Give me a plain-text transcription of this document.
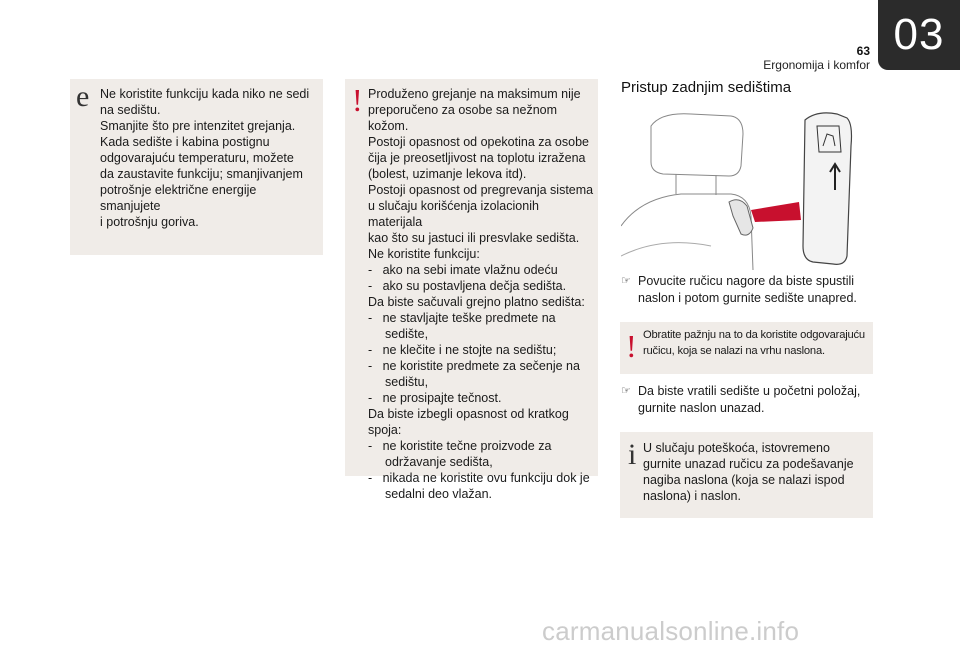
03
63
Ergonomija i komfor
e Ne koristite funkciju kada niko ne sedi
na sedištu.
Smanjite što pre intenzitet grejanja.
Kada sedište i kabina postignu
odgovarajuću temperaturu, možete
da zaustavite funkciju; smanjivanjem
potrošnje električne energije smanjujete
i potrošnju goriva.
! Produženo grejanje na maksimum nije
preporučeno za osobe sa nežnom kožom.
Postoji opasnost od opekotina za osobe
čija je preosetljivost na toplotu izražena
(bolest, uzimanje lekova itd).
Postoji opasnost od pregrevanja sistema
u slučaju korišćenja izolacionih materijala
kao što su jastuci ili presvlake sedišta.
Ne koristite funkciju:
-   ako na sebi imate vlažnu odeću
-   ako su postavljena dečja sedišta.
Da biste sačuvali grejno platno sedišta:
-   ne stavljajte teške predmete na sedište,
-   ne klečite i ne stojte na sedištu;
-   ne koristite predmete za sečenje na sedištu,
-   ne prosipajte tečnost.
Da biste izbegli opasnost od kratkog spoja:
-   ne koristite tečne proizvode za održavanje sedišta,
-   nikada ne koristite ovu funkciju dok je sedalni deo vlažan.
Pristup zadnjim sedištima
☞ Povucite ručicu nagore da biste spustili naslon i potom gurnite sedište unapred.
! Obratite pažnju na to da koristite odgovarajuću ručicu, koja se nalazi na vrhu naslona.
☞ Da biste vratili sedište u početni položaj, gurnite naslon unazad.
i U slučaju poteškoća, istovremeno gurnite unazad ručicu za podešavanje nagiba naslona (koja se nalazi ispod naslona) i naslon.
carmanualsonline.info
